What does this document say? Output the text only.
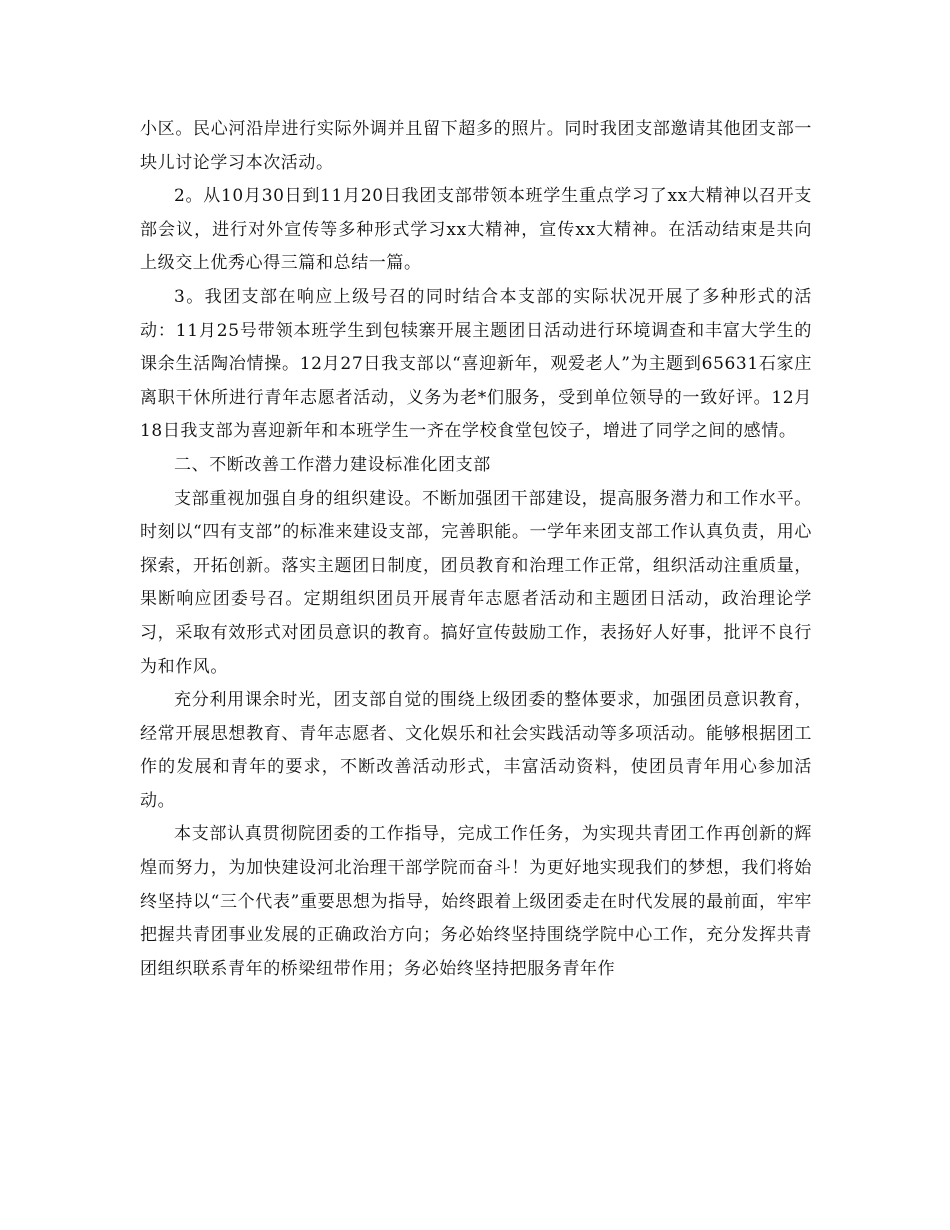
小区。民心河沿岸进行实际外调并且留下超多的照片。同时我团支部邀请其他团支部一块儿讨论学习本次活动。

2。从10月30日到11月20日我团支部带领本班学生重点学习了xx大精神以召开支部会议，进行对外宣传等多种形式学习xx大精神，宣传xx大精神。在活动结束是共向上级交上优秀心得三篇和总结一篇。

3。我团支部在响应上级号召的同时结合本支部的实际状况开展了多种形式的活动：11月25号带领本班学生到包犊寨开展主题团日活动进行环境调查和丰富大学生的课余生活陶冶情操。12月27日我支部以“喜迎新年，观爱老人”为主题到65631石家庄离职干休所进行青年志愿者活动，义务为老*们服务，受到单位领导的一致好评。12月18日我支部为喜迎新年和本班学生一齐在学校食堂包饺子，增进了同学之间的感情。

二、不断改善工作潜力建设标准化团支部

支部重视加强自身的组织建设。不断加强团干部建设，提高服务潜力和工作水平。时刻以“四有支部”的标准来建设支部，完善职能。一学年来团支部工作认真负责，用心探索，开拓创新。落实主题团日制度，团员教育和治理工作正常，组织活动注重质量，果断响应团委号召。定期组织团员开展青年志愿者活动和主题团日活动，政治理论学习，采取有效形式对团员意识的教育。搞好宣传鼓励工作，表扬好人好事，批评不良行为和作风。

充分利用课余时光，团支部自觉的围绕上级团委的整体要求，加强团员意识教育，经常开展思想教育、青年志愿者、文化娱乐和社会实践活动等多项活动。能够根据团工作的发展和青年的要求，不断改善活动形式，丰富活动资料，使团员青年用心参加活动。

本支部认真贯彻院团委的工作指导，完成工作任务，为实现共青团工作再创新的辉煌而努力，为加快建设河北治理干部学院而奋斗！为更好地实现我们的梦想，我们将始终坚持以“三个代表”重要思想为指导，始终跟着上级团委走在时代发展的最前面，牢牢把握共青团事业发展的正确政治方向；务必始终坚持围绕学院中心工作，充分发挥共青团组织联系青年的桥梁纽带作用；务必始终坚持把服务青年作
